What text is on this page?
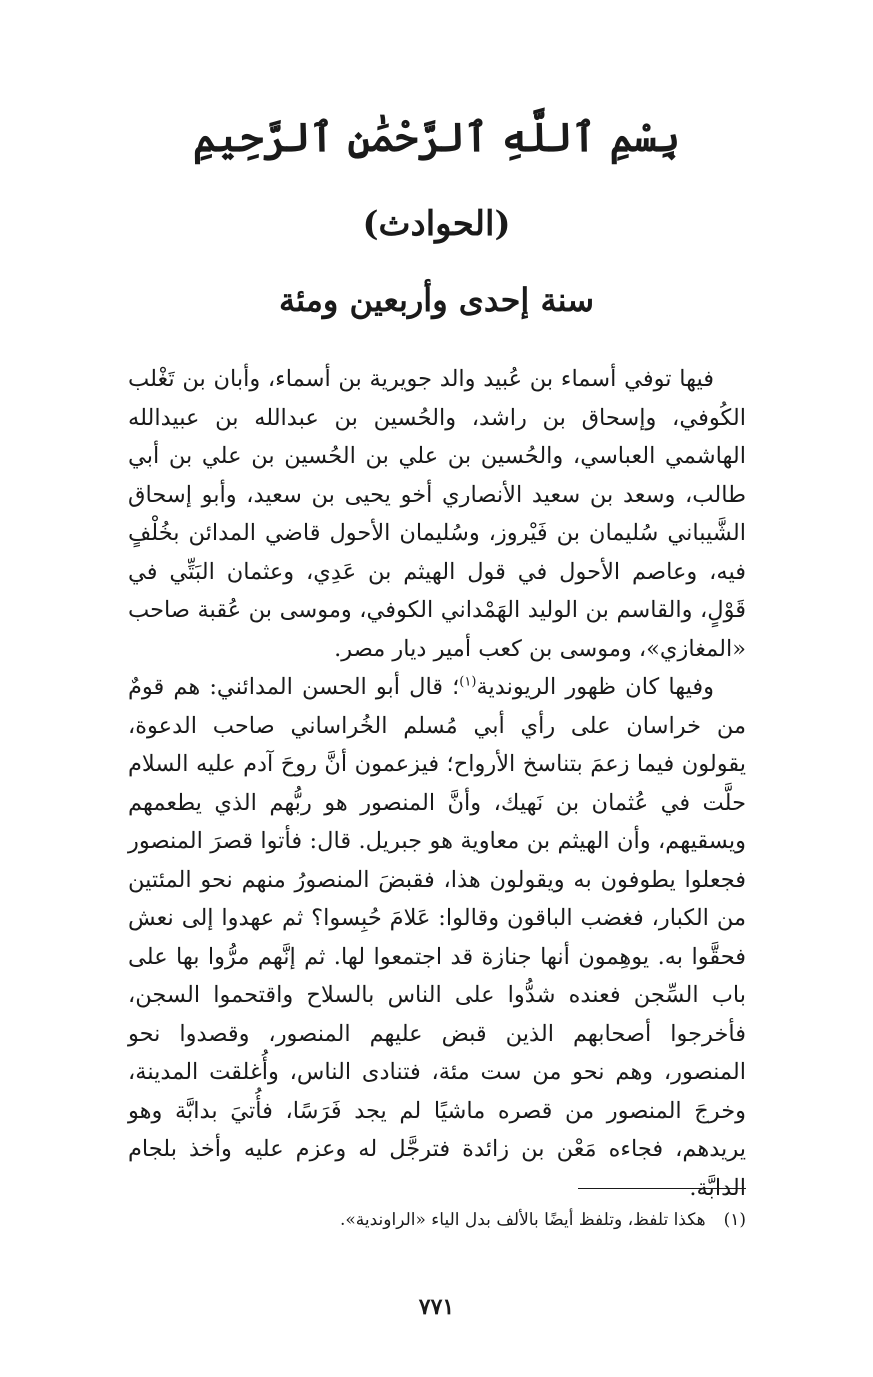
بِسْمِ ٱللَّهِ ٱلرَّحْمَٰنِ ٱلرَّحِيمِ
(الحوادث)
سنة إحدى وأربعين ومئة

فيها توفي أسماء بن عُبيد والد جويرية بن أسماء، وأبان بن تَغْلب الكُوفي، وإسحاق بن راشد، والحُسين بن عبدالله بن عبيدالله الهاشمي العباسي، والحُسين بن علي بن الحُسين بن علي بن أبي طالب، وسعد بن سعيد الأنصاري أخو يحيى بن سعيد، وأبو إسحاق الشَّيباني سُليمان بن فَيْروز، وسُليمان الأحول قاضي المدائن بخُلْفٍ فيه، وعاصم الأحول في قول الهيثم بن عَدِي، وعثمان البَتِّي في قَوْلٍ، والقاسم بن الوليد الهَمْداني الكوفي، وموسى بن عُقبة صاحب «المغازي»، وموسى بن كعب أمير ديار مصر.

وفيها كان ظهور الريوندية$^{(١)}$؛ قال أبو الحسن المدائني: هم قومٌ من خراسان على رأي أبي مُسلم الخُراساني صاحب الدعوة، يقولون فيما زعمَ بتناسخ الأرواح؛ فيزعمون أنَّ روحَ آدم عليه السلام حلَّت في عُثمان بن نَهيك، وأنَّ المنصور هو ربُّهم الذي يطعمهم ويسقيهم، وأن الهيثم بن معاوية هو جبريل. قال: فأتوا قصرَ المنصور فجعلوا يطوفون به ويقولون هذا، فقبضَ المنصورُ منهم نحو المئتين من الكبار، فغضب الباقون وقالوا: عَلامَ حُبِسوا؟ ثم عهدوا إلى نعش فحقَّوا به. يوهِمون أنها جنازة قد اجتمعوا لها. ثم إنَّهم مرُّوا بها على باب السِّجن فعنده شدُّوا على الناس بالسلاح واقتحموا السجن، فأخرجوا أصحابهم الذين قبض عليهم المنصور، وقصدوا نحو المنصور، وهم نحو من ست مئة، فتنادى الناس، وأُغلقت المدينة، وخرجَ المنصور من قصره ماشيًا لم يجد فَرَسًا، فأُتيَ بدابَّة وهو يريدهم، فجاءه مَعْن بن زائدة فترجَّل له وعزم عليه وأخذ بلجام الدابَّة.

(١)هكذا تلفظ، وتلفظ أيضًا بالألف بدل الياء «الراوندية».
٧٧١
